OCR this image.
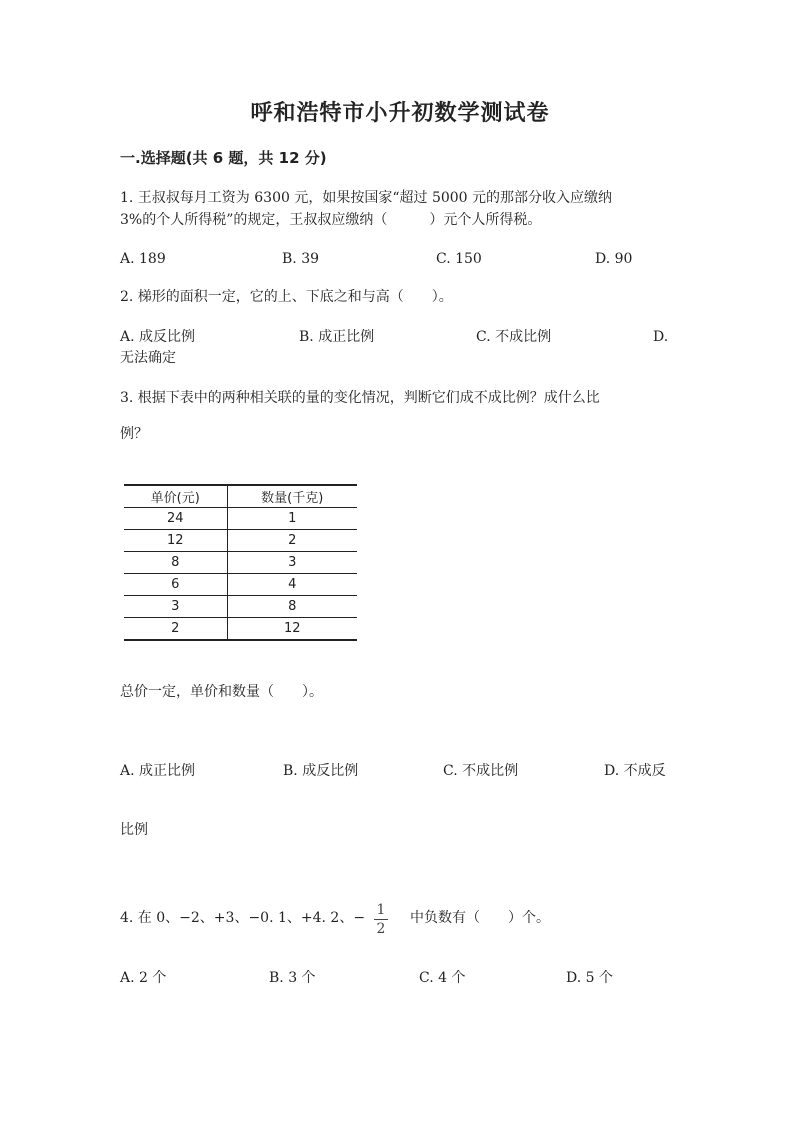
呼和浩特市小升初数学测试卷
一.选择题(共 6 题，共 12 分)
1. 王叔叔每月工资为 6300 元，如果按国家“超过 5000 元的那部分收入应缴纳
3%的个人所得税”的规定，王叔叔应缴纳（　　　）元个人所得税。
A. 189	B. 39	C. 150	D. 90
2. 梯形的面积一定，它的上、下底之和与高（　　）。
A. 成反比例	B. 成正比例	C. 不成比例	D.
无法确定
3. 根据下表中的两种相关联的量的变化情况，判断它们成不成比例？成什么比
例？
单价(元)	数量(千克)
24	1
12	2
8	3
6	4
3	8
2	12
总价一定，单价和数量（　　）。
A. 成正比例	B. 成反比例	C. 不成比例	D. 不成反
比例
4. 在 0、−2、+3、−0. 1、+4. 2、− 1
2
中负数有（　　）个。
A. 2 个	B. 3 个	C. 4 个	D. 5 个
